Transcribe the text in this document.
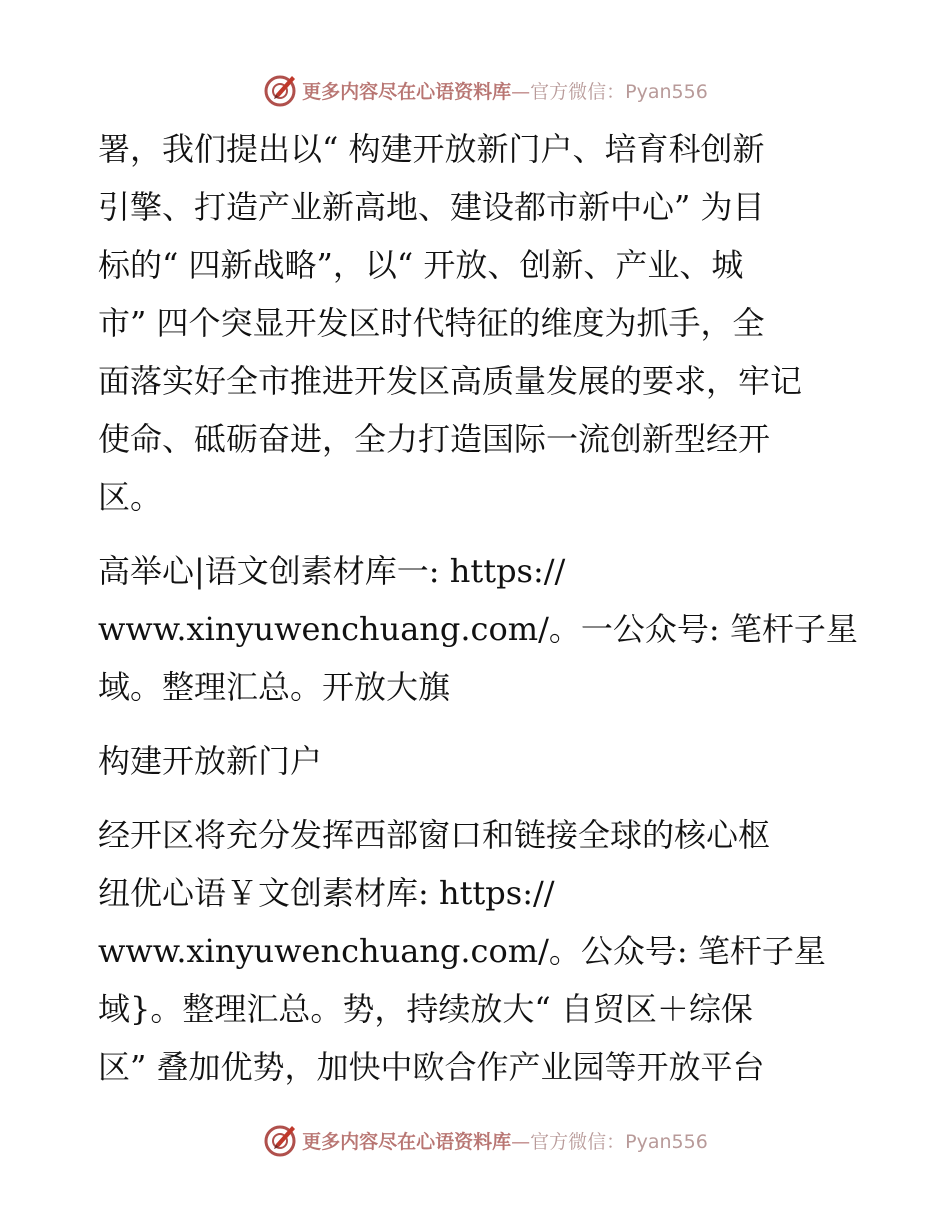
更多内容尽在心语资料库—官方微信：Pyan556
署，我们提出以“ 构建开放新门户、培育科创新
引擎、打造产业新高地、建设都市新中心” 为目
标的“ 四新战略”，以“ 开放、创新、产业、城
市” 四个突显开发区时代特征的维度为抓手，全
面落实好全市推进开发区高质量发展的要求，牢记
使命、砥砺奋进，全力打造国际一流创新型经开
区。
高举心|语文创素材库一: https://
www.xinyuwenchuang.com/。一公众号: 笔杆子星
域。整理汇总。开放大旗
构建开放新门户
经开区将充分发挥西部窗口和链接全球的核心枢
纽优心语￥文创素材库: https://
www.xinyuwenchuang.com/。公众号: 笔杆子星
域}。整理汇总。势，持续放大“ 自贸区＋综保
区” 叠加优势，加快中欧合作产业园等开放平台
更多内容尽在心语资料库—官方微信：Pyan556
